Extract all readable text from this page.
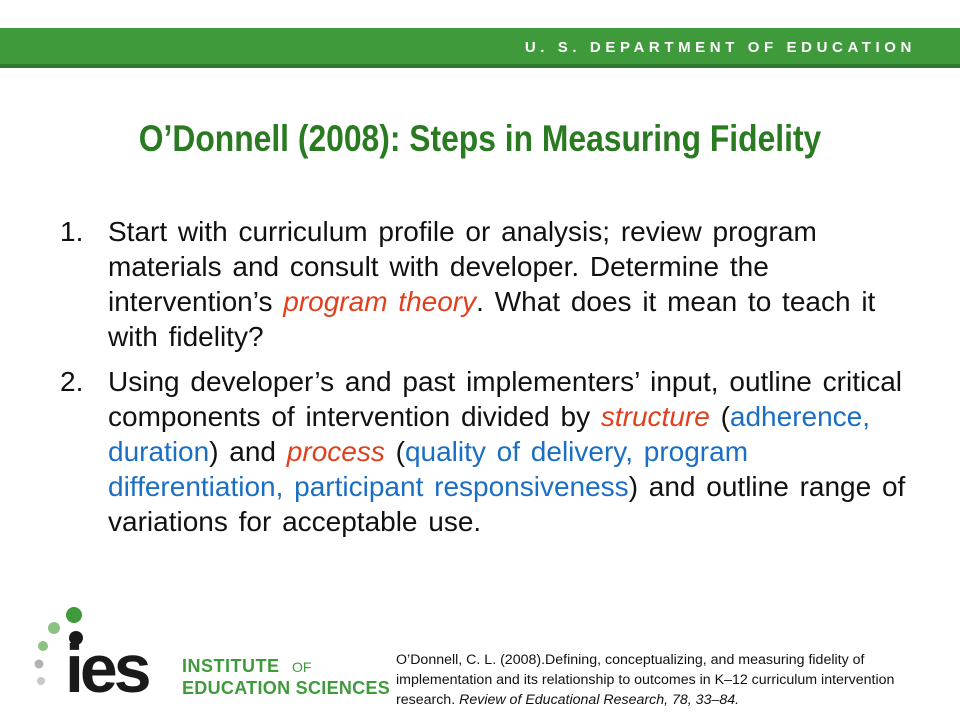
U. S. DEPARTMENT OF EDUCATION
O’Donnell (2008): Steps in Measuring Fidelity
1. Start with curriculum profile or analysis; review program materials and consult with developer. Determine the intervention’s program theory. What does it mean to teach it with fidelity?
2. Using developer’s and past implementers’ input, outline critical components of intervention divided by structure (adherence, duration) and process (quality of delivery, program differentiation, participant responsiveness) and outline range of variations for acceptable use.
ies INSTITUTE OF
EDUCATION SCIENCES
O’Donnell, C. L. (2008).Defining, conceptualizing, and measuring fidelity of implementation and its relationship to outcomes in K–12 curriculum intervention research. Review of Educational Research, 78, 33–84.
